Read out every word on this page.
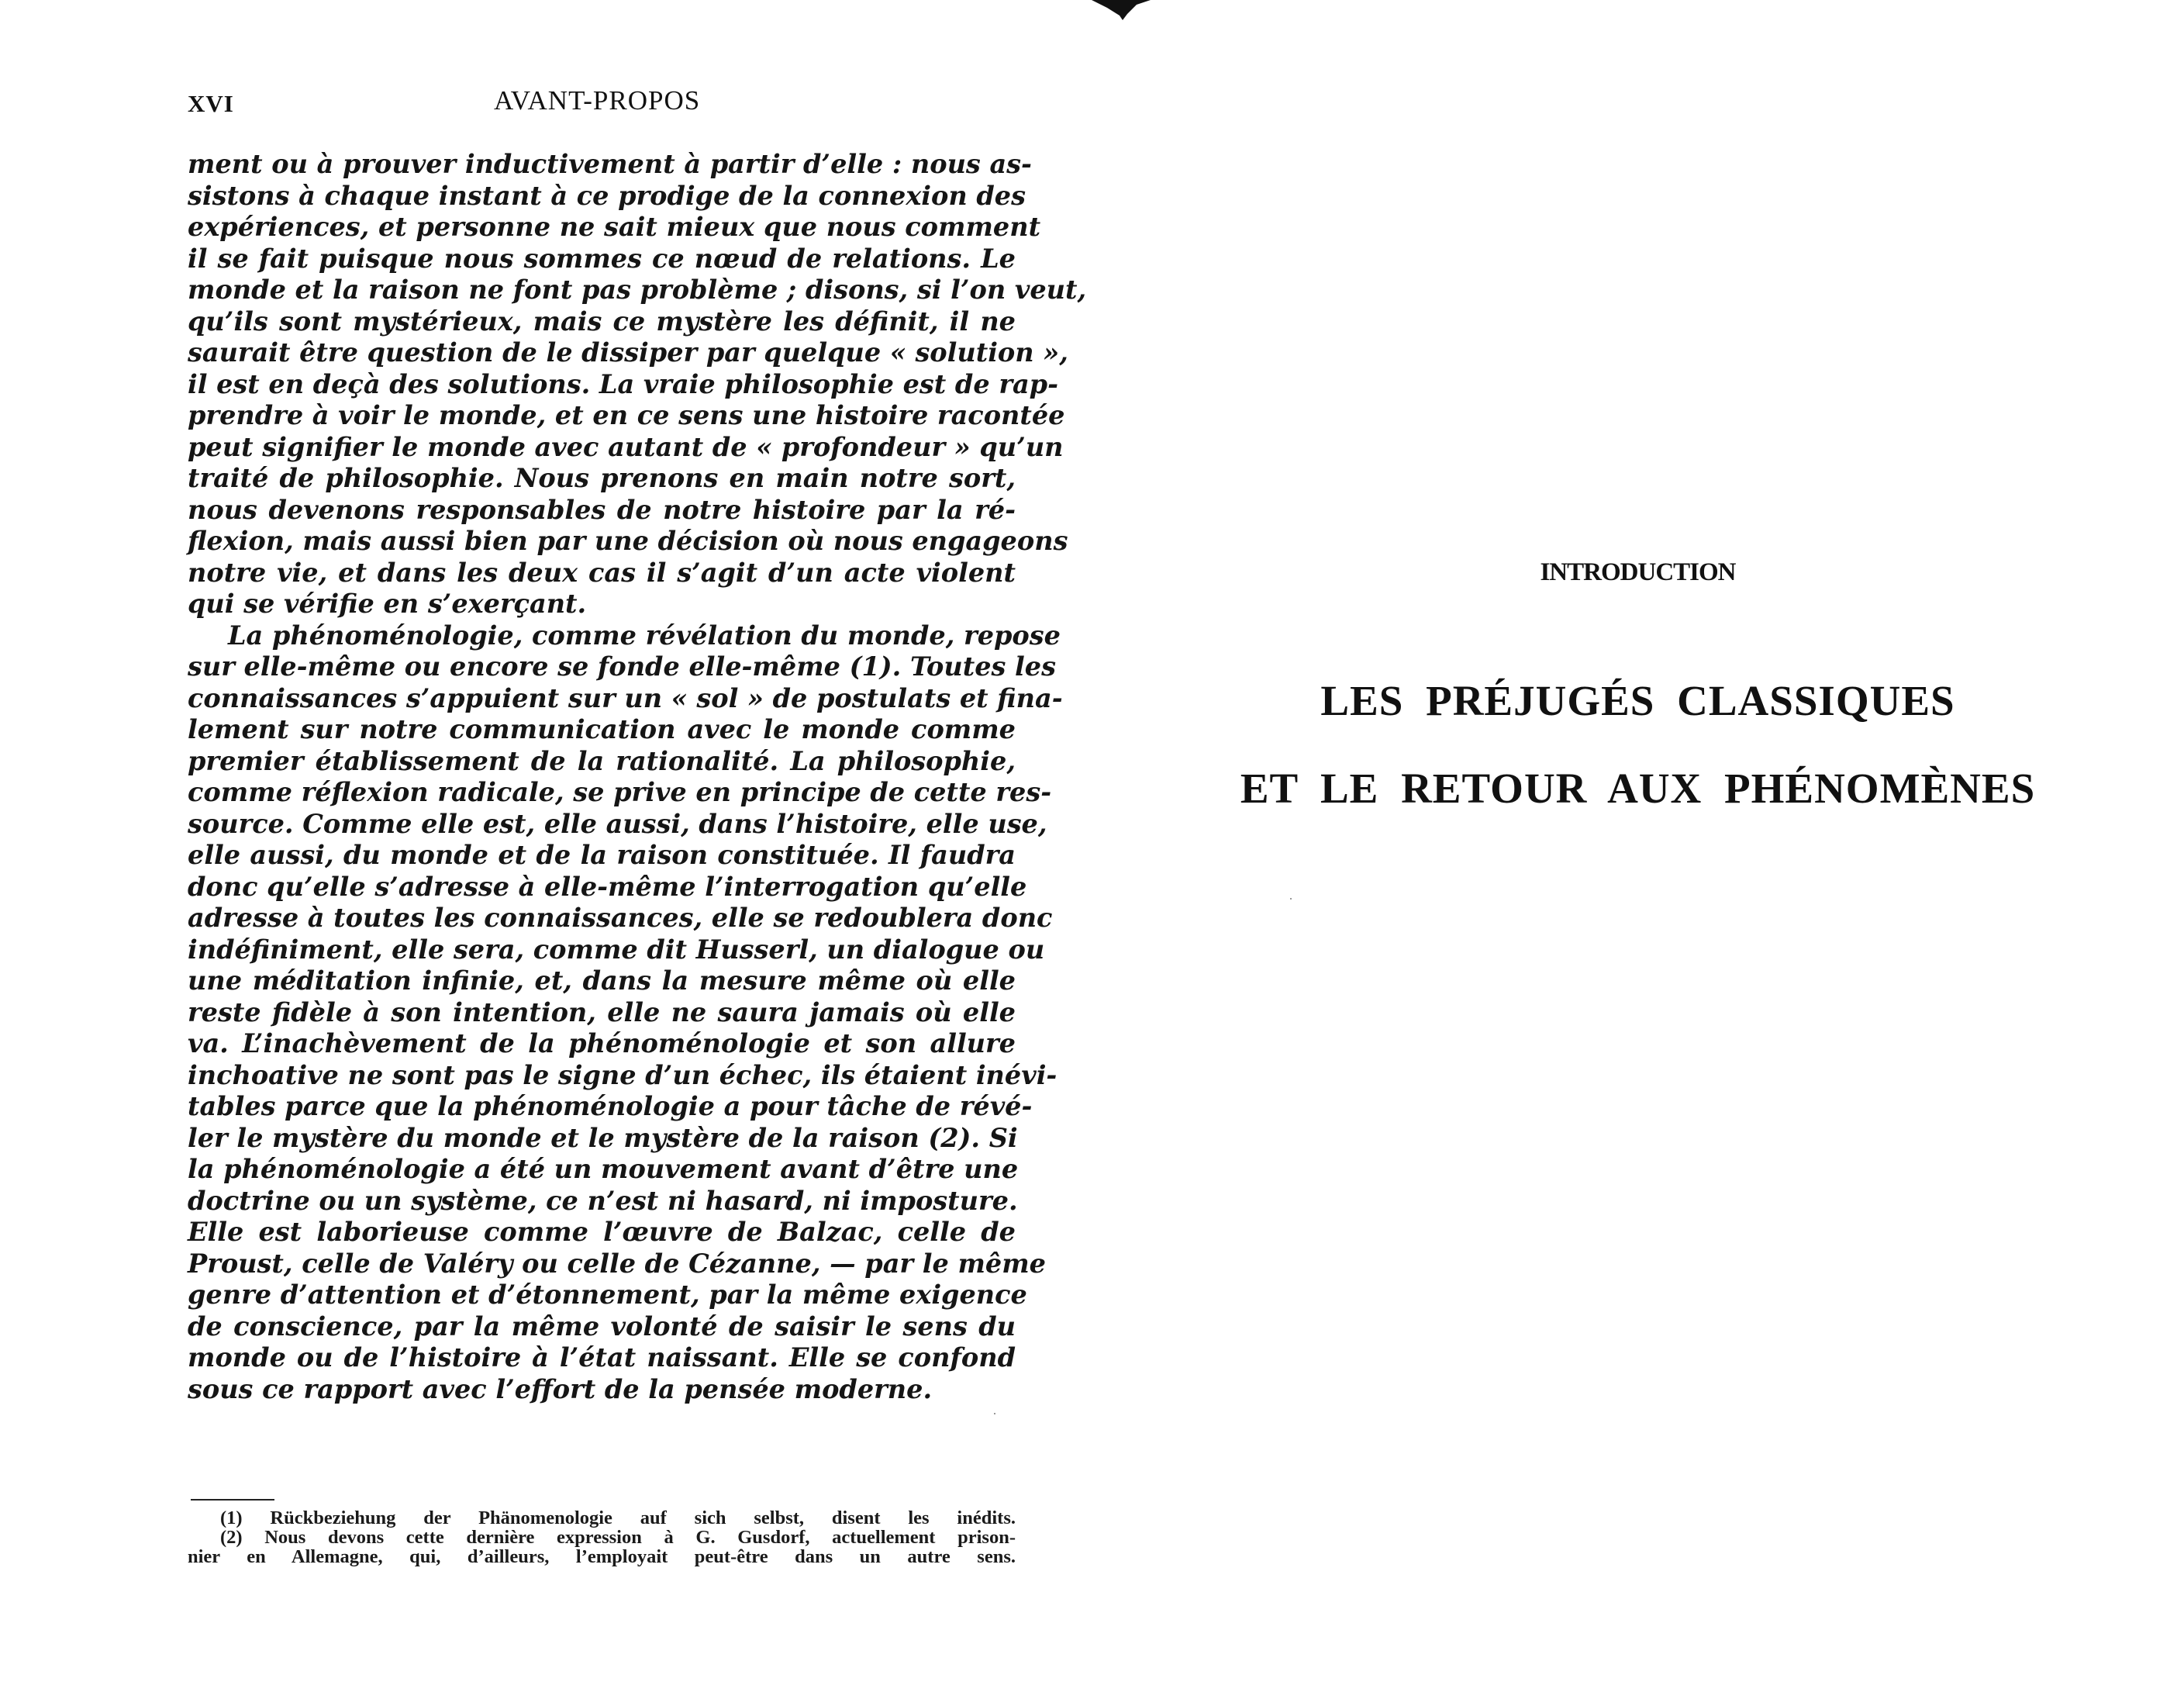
XVI	AVANT-PROPOS
ment ou à prouver inductivement à partir d’elle : nous as-
sistons à chaque instant à ce prodige de la connexion des
expériences, et personne ne sait mieux que nous comment
il se fait puisque nous sommes ce nœud de relations. Le
monde et la raison ne font pas problème ; disons, si l’on veut,
qu’ils sont mystérieux, mais ce mystère les définit, il ne
saurait être question de le dissiper par quelque « solution »,
il est en deçà des solutions. La vraie philosophie est de rap-
prendre à voir le monde, et en ce sens une histoire racontée
peut signifier le monde avec autant de « profondeur » qu’un
traité de philosophie. Nous prenons en main notre sort,
nous devenons responsables de notre histoire par la ré-
flexion, mais aussi bien par une décision où nous engageons
notre vie, et dans les deux cas il s’agit d’un acte violent
qui se vérifie en s’exerçant.
La phénoménologie, comme révélation du monde, repose
sur elle-même ou encore se fonde elle-même (1). Toutes les
connaissances s’appuient sur un « sol » de postulats et fina-
lement sur notre communication avec le monde comme
premier établissement de la rationalité. La philosophie,
comme réflexion radicale, se prive en principe de cette res-
source. Comme elle est, elle aussi, dans l’histoire, elle use,
elle aussi, du monde et de la raison constituée. Il faudra
donc qu’elle s’adresse à elle-même l’interrogation qu’elle
adresse à toutes les connaissances, elle se redoublera donc
indéfiniment, elle sera, comme dit Husserl, un dialogue ou
une méditation infinie, et, dans la mesure même où elle
reste fidèle à son intention, elle ne saura jamais où elle
va. L’inachèvement de la phénoménologie et son allure
inchoative ne sont pas le signe d’un échec, ils étaient inévi-
tables parce que la phénoménologie a pour tâche de révé-
ler le mystère du monde et le mystère de la raison (2). Si
la phénoménologie a été un mouvement avant d’être une
doctrine ou un système, ce n’est ni hasard, ni imposture.
Elle est laborieuse comme l’œuvre de Balzac, celle de
Proust, celle de Valéry ou celle de Cézanne, — par le même
genre d’attention et d’étonnement, par la même exigence
de conscience, par la même volonté de saisir le sens du
monde ou de l’histoire à l’état naissant. Elle se confond
sous ce rapport avec l’effort de la pensée moderne.
(1) Rückbeziehung der Phänomenologie auf sich selbst, disent les inédits.
(2) Nous devons cette dernière expression à G. Gusdorf, actuellement prison-
nier en Allemagne, qui, d’ailleurs, l’employait peut-être dans un autre sens.
INTRODUCTION
LES PRÉJUGÉS CLASSIQUES
ET LE RETOUR AUX PHÉNOMÈNES
